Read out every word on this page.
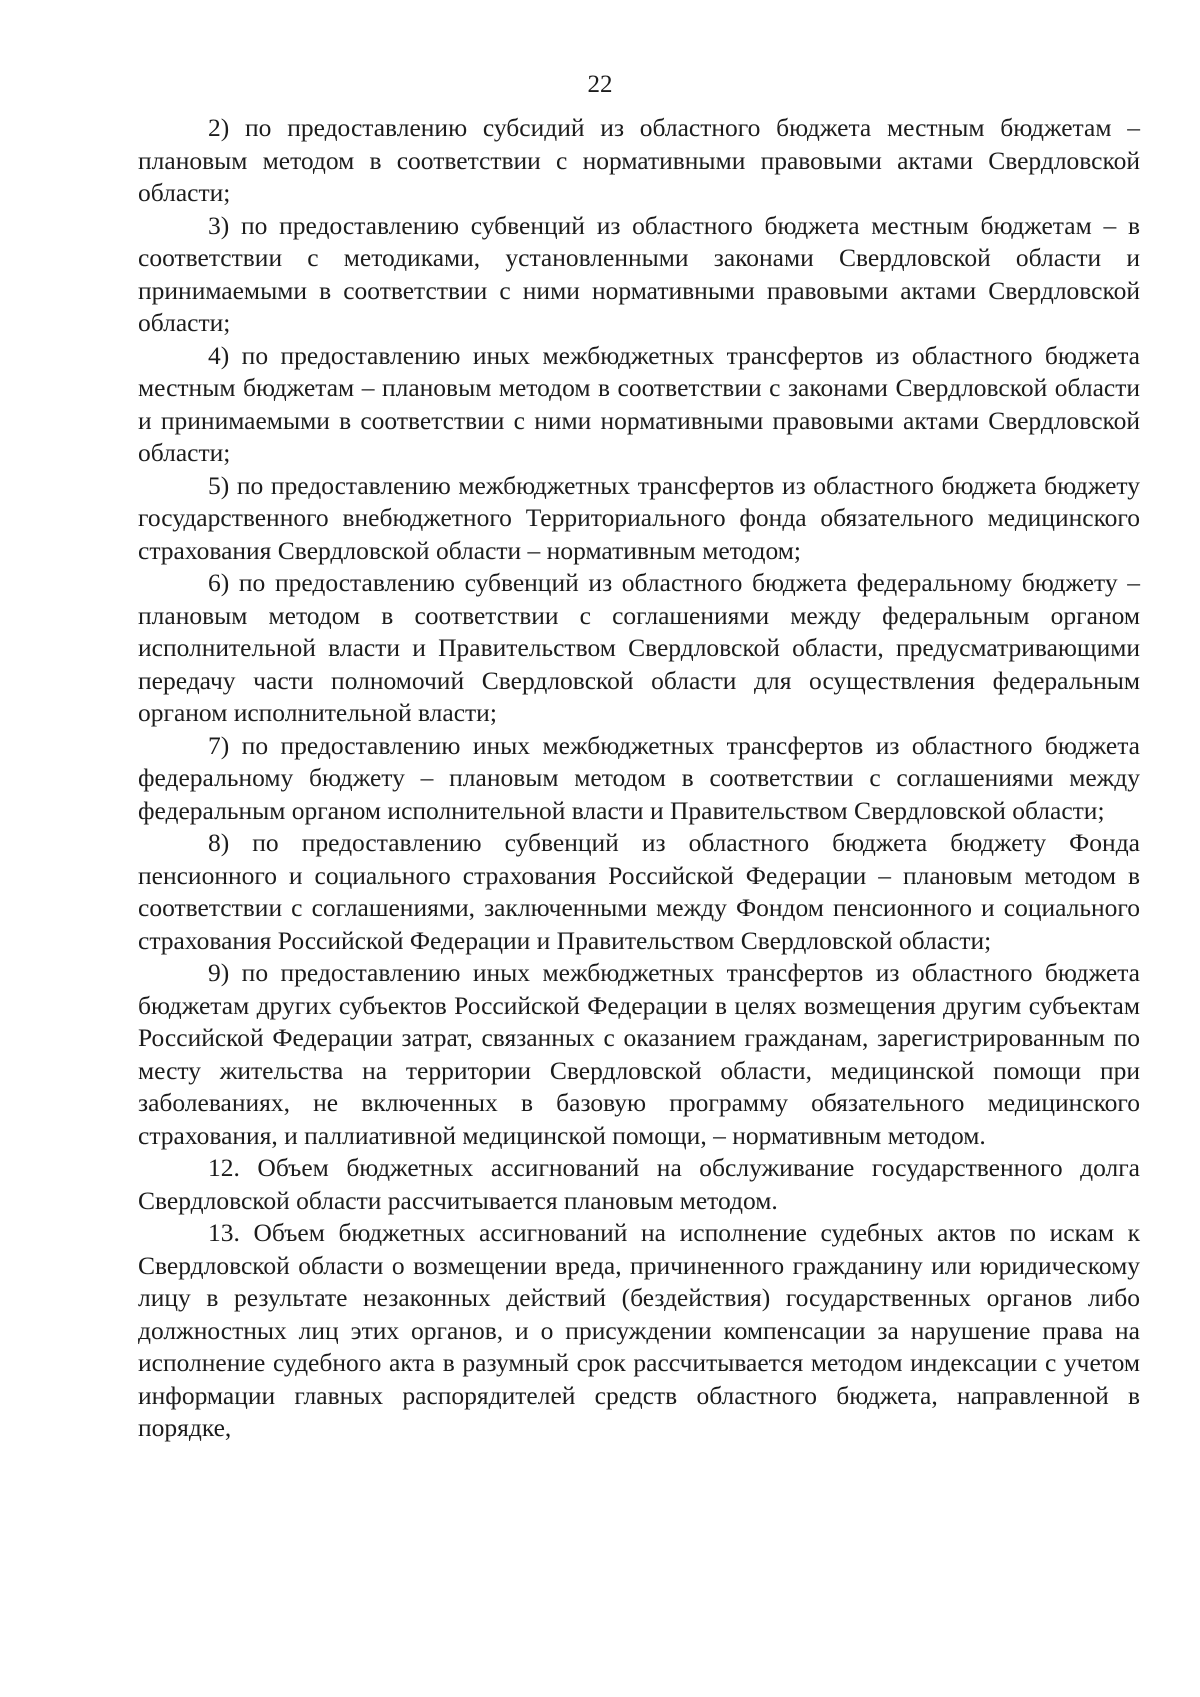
22

2) по предоставлению субсидий из областного бюджета местным бюджетам – плановым методом в соответствии с нормативными правовыми актами Свердловской области;

3) по предоставлению субвенций из областного бюджета местным бюджетам – в соответствии с методиками, установленными законами Свердловской области и принимаемыми в соответствии с ними нормативными правовыми актами Свердловской области;

4) по предоставлению иных межбюджетных трансфертов из областного бюджета местным бюджетам – плановым методом в соответствии с законами Свердловской области и принимаемыми в соответствии с ними нормативными правовыми актами Свердловской области;

5) по предоставлению межбюджетных трансфертов из областного бюджета бюджету государственного внебюджетного Территориального фонда обязательного медицинского страхования Свердловской области – нормативным методом;

6) по предоставлению субвенций из областного бюджета федеральному бюджету – плановым методом в соответствии с соглашениями между федеральным органом исполнительной власти и Правительством Свердловской области, предусматривающими передачу части полномочий Свердловской области для осуществления федеральным органом исполнительной власти;

7) по предоставлению иных межбюджетных трансфертов из областного бюджета федеральному бюджету – плановым методом в соответствии с соглашениями между федеральным органом исполнительной власти и Правительством Свердловской области;

8) по предоставлению субвенций из областного бюджета бюджету Фонда пенсионного и социального страхования Российской Федерации – плановым методом в соответствии с соглашениями, заключенными между Фондом пенсионного и социального страхования Российской Федерации и Правительством Свердловской области;

9) по предоставлению иных межбюджетных трансфертов из областного бюджета бюджетам других субъектов Российской Федерации в целях возмещения другим субъектам Российской Федерации затрат, связанных с оказанием гражданам, зарегистрированным по месту жительства на территории Свердловской области, медицинской помощи при заболеваниях, не включенных в базовую программу обязательного медицинского страхования, и паллиативной медицинской помощи, – нормативным методом.

12. Объем бюджетных ассигнований на обслуживание государственного долга Свердловской области рассчитывается плановым методом.

13. Объем бюджетных ассигнований на исполнение судебных актов по искам к Свердловской области о возмещении вреда, причиненного гражданину или юридическому лицу в результате незаконных действий (бездействия) государственных органов либо должностных лиц этих органов, и о присуждении компенсации за нарушение права на исполнение судебного акта в разумный срок рассчитывается методом индексации с учетом информации главных распорядителей средств областного бюджета, направленной в порядке,
